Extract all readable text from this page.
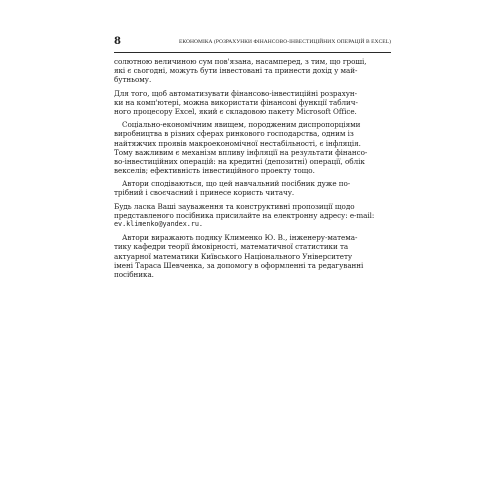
8	ЕКОНОМІКА (РОЗРАХУНКИ ФІНАНСОВО-ІНВЕСТИЦІЙНИХ ОПЕРАЦІЙ В EXCEL)
солютною величиною сум пов'язана, насамперед, з тим, що гроші,
які є сьогодні, можуть бути інвестовані та принести дохід у май-
бутньому.
Для того, щоб автоматизувати фінансово-інвестиційні розрахун-
ки на комп'ютері, можна використати фінансові функції таблич-
ного процесору Excel, який є складовою пакету Microsoft Office.
Соціально-економічним явищем, породженим диспропорціями
виробництва в різних сферах ринкового господарства, одним із
найтяжчих проявів макроекономічної нестабільності, є інфляція.
Тому важливим є механізм впливу інфляції на результати фінансо-
во-інвестиційних операцій: на кредитні (депозитні) операції, облік
векселів; ефективність інвестиційного проекту тощо.
Автори сподіваються, що цей навчальний посібник дуже по-
трібний і своєчасний і принесе користь читачу.
Будь ласка Ваші зауваження та конструктивні пропозиції щодо
представленого посібника присилайте на електронну адресу: e-mail:
ev.klimenko@yandex.ru.
Автори виражають подяку Клименко Ю. В., інженеру-матема-
тику кафедри теорії ймовірності, математичної статистики та
актуарної математики Київського Національного Університету
імені Тараса Шевченка, за допомогу в оформленні та редагуванні
посібника.
